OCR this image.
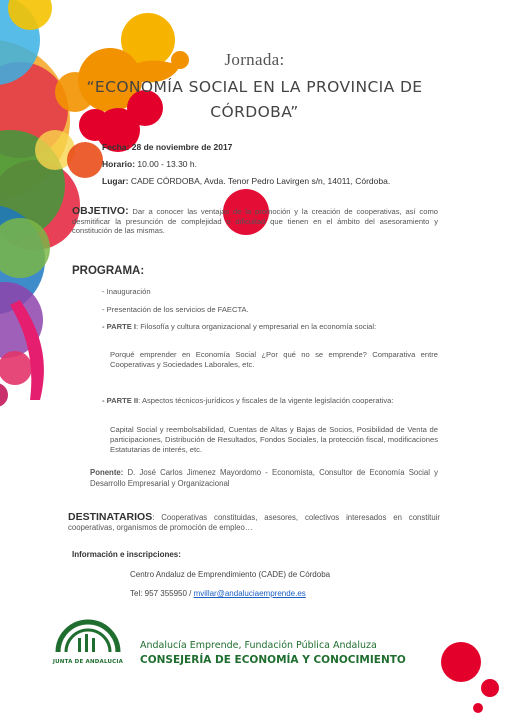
Jornada:
“ECONOMÍA SOCIAL EN LA PROVINCIA DE
CÓRDOBA”
Fecha: 28 de noviembre de 2017
Horario: 10.00 - 13.30 h.
Lugar: CADE CÓRDOBA, Avda. Tenor Pedro Lavirgen s/n, 14011, Córdoba.
OBJETIVO: Dar a conocer las ventajas de la promoción y la creación de cooperativas, así como desmitificar la presunción de complejidad o dificultad que tienen en el ámbito del asesoramiento y constitución de las mismas.
PROGRAMA:
- Inauguración
- Presentación de los servicios de FAECTA.
- PARTE I: Filosofía y cultura organizacional y empresarial en la economía social:
Porqué emprender en Economía Social ¿Por qué no se emprende? Comparativa entre Cooperativas y Sociedades Laborales, etc.
- PARTE II: Aspectos técnicos-jurídicos y fiscales de la vigente legislación cooperativa:
Capital Social y reembolsabilidad, Cuentas de Altas y Bajas de Socios, Posibilidad de Venta de participaciones, Distribución de Resultados, Fondos Sociales, la protección fiscal, modificaciones Estatutarias de interés, etc.
Ponente: D. José Carlos Jimenez Mayordomo - Economista, Consultor de Economía Social y Desarrollo Empresarial y Organizacional
DESTINATARIOS: Cooperativas constituidas, asesores, colectivos interesados en constituir cooperativas, organismos de promoción de empleo…
Información e inscripciones:
Centro Andaluz de Emprendimiento (CADE) de Córdoba
Tel: 957 355950 / mvillar@andaluciaemprende.es
JUNTA DE ANDALUCIA
Andalucía Emprende, Fundación Pública Andaluza
CONSEJERÍA DE ECONOMÍA Y CONOCIMIENTO
